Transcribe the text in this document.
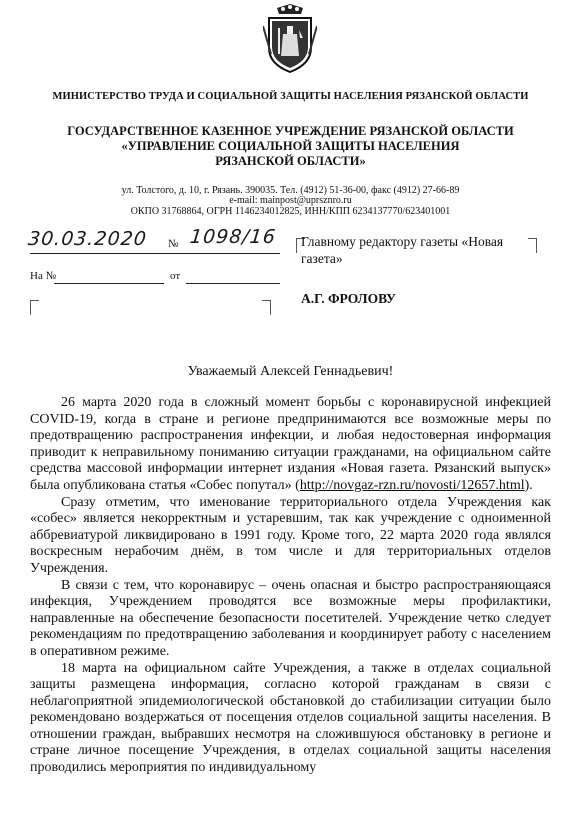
МИНИСТЕРСТВО ТРУДА И СОЦИАЛЬНОЙ ЗАЩИТЫ НАСЕЛЕНИЯ РЯЗАНСКОЙ ОБЛАСТИ
ГОСУДАРСТВЕННОЕ КАЗЕННОЕ УЧРЕЖДЕНИЕ РЯЗАНСКОЙ ОБЛАСТИ
«УПРАВЛЕНИЕ СОЦИАЛЬНОЙ ЗАЩИТЫ НАСЕЛЕНИЯ
РЯЗАНСКОЙ ОБЛАСТИ»
ул. Толстого, д. 10, г. Рязань. 390035. Тел. (4912) 51-36-00, факс (4912) 27-66-89
e-mail: mainpost@uprsznro.ru
ОКПО 31768864, ОГРН 1146234012825, ИНН/КПП 6234137770/623401001
30.03.2020	№ 1098/16
На №	от
Главному редактору газеты «Новая газета»
А.Г. ФРОЛОВУ
Уважаемый Алексей Геннадьевич!

26 марта 2020 года в сложный момент борьбы с коронавирусной инфекцией COVID-19, когда в стране и регионе предпринимаются все возможные меры по предотвращению распространения инфекции, и любая недостоверная информация приводит к неправильному пониманию ситуации гражданами, на официальном сайте средства массовой информации интернет издания «Новая газета. Рязанский выпуск» была опубликована статья «Собес попутал» (http://novgaz-rzn.ru/novosti/12657.html).

Сразу отметим, что именование территориального отдела Учреждения как «собес» является некорректным и устаревшим, так как учреждение с одноименной аббревиатурой ликвидировано в 1991 году. Кроме того, 22 марта 2020 года являлся воскресным нерабочим днём, в том числе и для территориальных отделов Учреждения.

В связи с тем, что коронавирус – очень опасная и быстро распространяющаяся инфекция, Учреждением проводятся все возможные меры профилактики, направленные на обеспечение безопасности посетителей. Учреждение четко следует рекомендациям по предотвращению заболевания и координирует работу с населением в оперативном режиме.

18 марта на официальном сайте Учреждения, а также в отделах социальной защиты размещена информация, согласно которой гражданам в связи с неблагоприятной эпидемиологической обстановкой до стабилизации ситуации было рекомендовано воздержаться от посещения отделов социальной защиты населения. В отношении граждан, выбравших несмотря на сложившуюся обстановку в регионе и стране личное посещение Учреждения, в отделах социальной защиты населения проводились мероприятия по индивидуальному
